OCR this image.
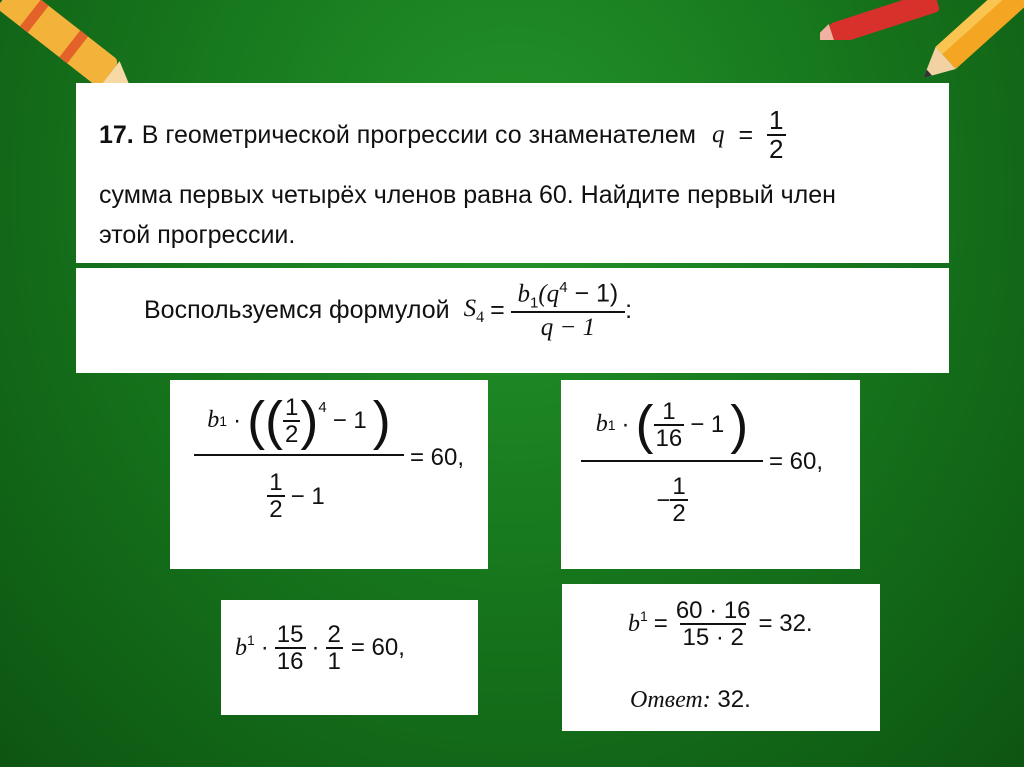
17. В геометрической прогрессии со знаменателем $q = \frac{1}{2}$
сумма первых четырёх членов равна 60. Найдите первый член
этой прогрессии.
Воспользуемся формулой $S_4 = \frac{b_1(q^4 - 1)}{q - 1}$ :
b 1 · ( ( $\frac{1}{2} )^4 - 1$ )
$\frac{1}{2} - 1$
= 60,	$\frac{b 1 \cdot ( \frac{1}{16} - 1 )}{- \frac{1}{2}} = 60$,
$b^1 \cdot \frac{15}{16} \cdot \frac{2}{1} = 60$,
$b^1 = \frac{60 \cdot 16}{15 \cdot 2} = 32$.
Ответ: 32.
